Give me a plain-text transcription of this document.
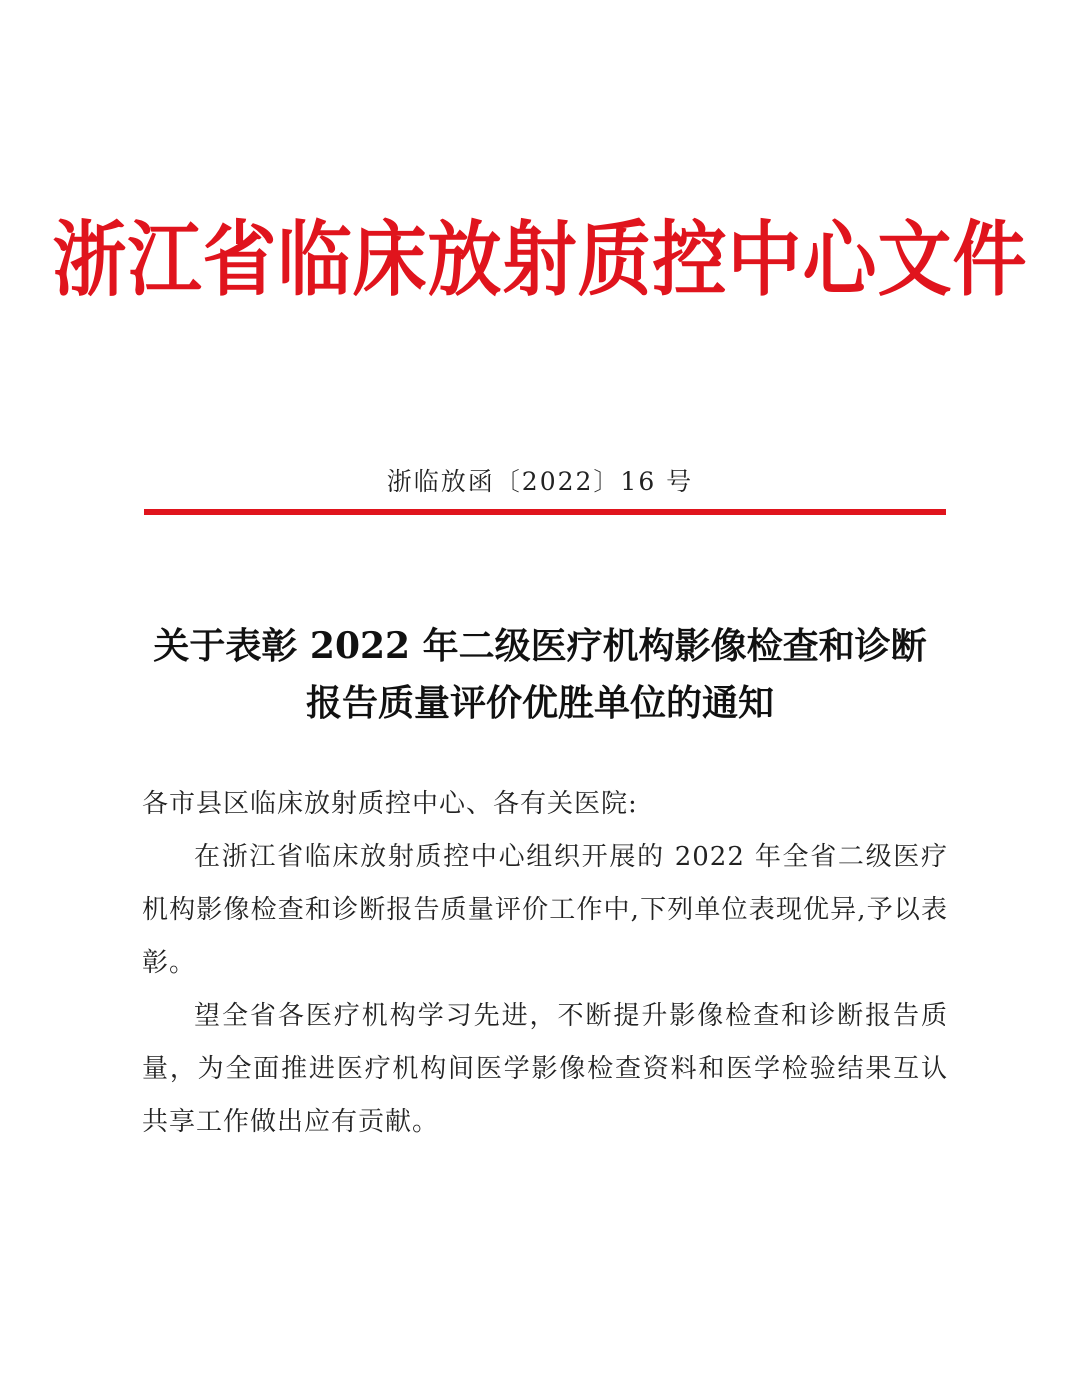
浙江省临床放射质控中心文件
浙临放函〔2022〕16 号
关于表彰 2022 年二级医疗机构影像检查和诊断
报告质量评价优胜单位的通知

各市县区临床放射质控中心、各有关医院:

在浙江省临床放射质控中心组织开展的 2022 年全省二级医疗机构影像检查和诊断报告质量评价工作中,下列单位表现优异,予以表彰。

望全省各医疗机构学习先进，不断提升影像检查和诊断报告质量，为全面推进医疗机构间医学影像检查资料和医学检验结果互认共享工作做出应有贡献。
